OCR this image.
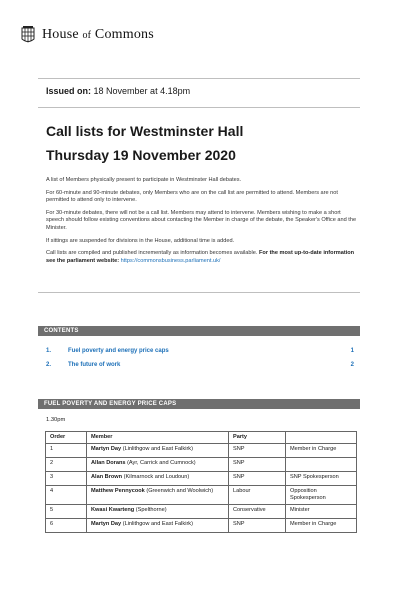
House of Commons
Issued on: 18 November at 4.18pm
Call lists for Westminster Hall
Thursday 19 November 2020

A list of Members physically present to participate in Westminster Hall debates.

For 60-minute and 90-minute debates, only Members who are on the call list are permitted to attend. Members are not permitted to attend only to intervene.

For 30-minute debates, there will not be a call list. Members may attend to intervene. Members wishing to make a short speech should follow existing conventions about contacting the Member in charge of the debate, the Speaker's Office and the Minister.

If sittings are suspended for divisions in the House, additional time is added.

Call lists are compiled and published incrementally as information becomes available. For the most up-to-date information see the parliament website: https://commonsbusiness.parliament.uk/

CONTENTS
1.	Fuel poverty and energy price caps	1
2.	The future of work	2
FUEL POVERTY AND ENERGY PRICE CAPS
1.30pm
Order	Member	Party	
1	Martyn Day (Linlithgow and East Falkirk)	SNP	Member in Charge
2	Allan Dorans (Ayr, Carrick and Cumnock)	SNP	
3	Alan Brown (Kilmarnock and Loudoun)	SNP	SNP Spokesperson
4	Matthew Pennycook (Greenwich and Woolwich)	Labour	Opposition Spokesperson
5	Kwasi Kwarteng (Spelthorne)	Conservative	Minister
6	Martyn Day (Linlithgow and East Falkirk)	SNP	Member in Charge
